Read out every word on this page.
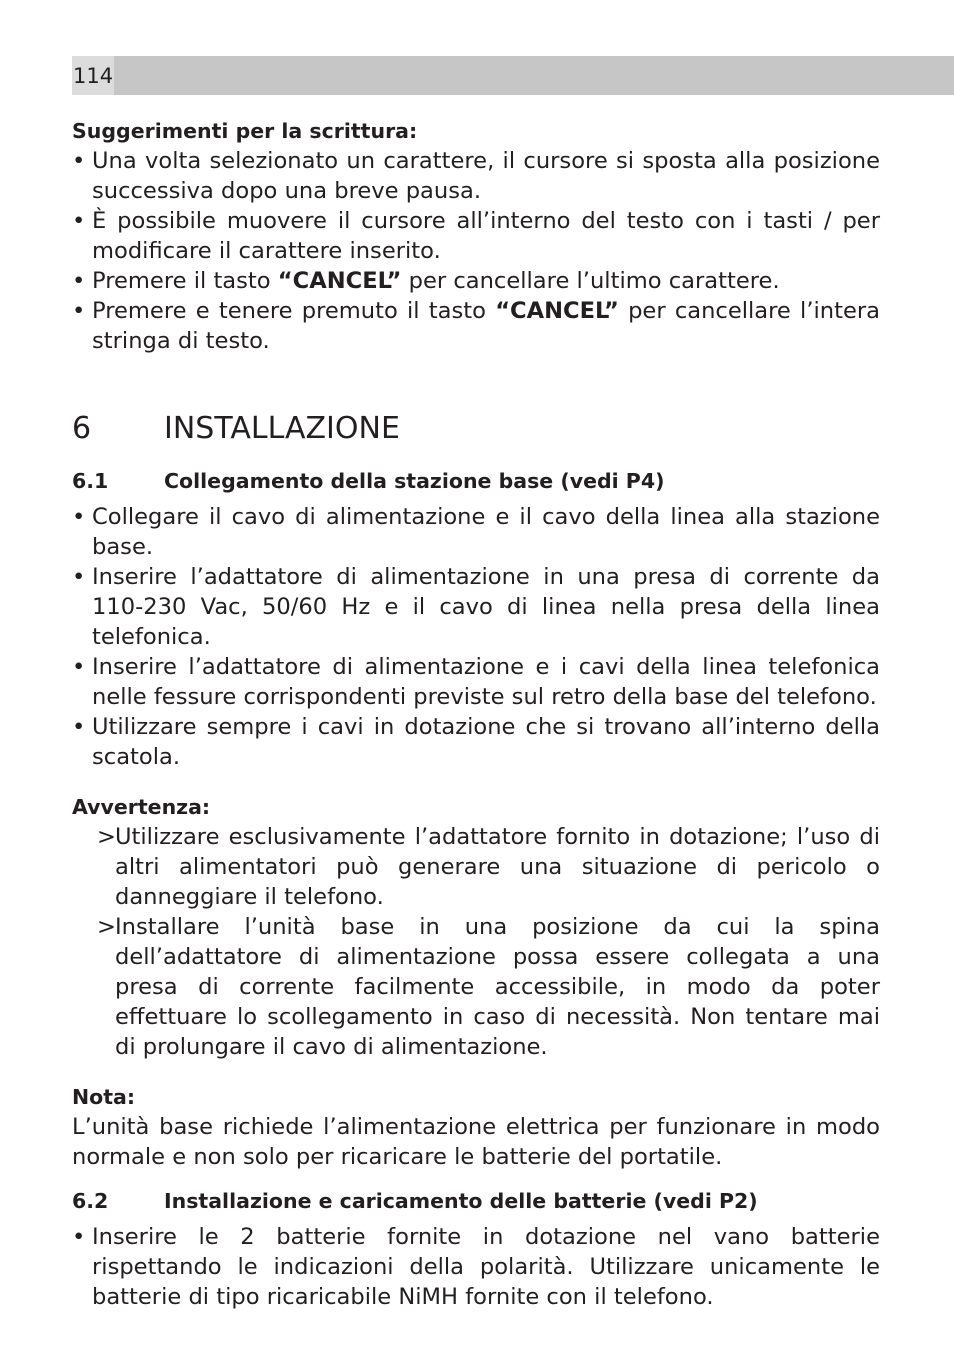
114

Suggerimenti per la scrittura:

• Una volta selezionato un carattere, il cursore si sposta alla posizione successiva dopo una breve pausa.
• È possibile muovere il cursore all’interno del testo con i tasti / per modificare il carattere inserito.
• Premere il tasto “CANCEL” per cancellare l’ultimo carattere.
• Premere e tenere premuto il tasto “CANCEL” per cancellare l’intera stringa di testo.
6	INSTALLAZIONE
6.1	Collegamento della stazione base (vedi P4)
• Collegare il cavo di alimentazione e il cavo della linea alla stazione base.
• Inserire l’adattatore di alimentazione in una presa di corrente da 110-230 Vac, 50/60 Hz e il cavo di linea nella presa della linea telefonica.
• Inserire l’adattatore di alimentazione e i cavi della linea telefonica nelle fessure corrispondenti previste sul retro della base del telefono.
• Utilizzare sempre i cavi in dotazione che si trovano all’interno della scatola.

Avvertenza:

> Utilizzare esclusivamente l’adattatore fornito in dotazione; l’uso di altri alimentatori può generare una situazione di pericolo o danneggiare il telefono.
> Installare l’unità base in una posizione da cui la spina dell’adattatore di alimentazione possa essere collegata a una presa di corrente facilmente accessibile, in modo da poter effettuare lo scollegamento in caso di necessità. Non tentare mai di prolungare il cavo di alimentazione.

Nota:

L’unità base richiede l’alimentazione elettrica per funzionare in modo normale e non solo per ricaricare le batterie del portatile.

6.2	Installazione e caricamento delle batterie (vedi P2)
• Inserire le 2 batterie fornite in dotazione nel vano batterie rispettando le indicazioni della polarità. Utilizzare unicamente le batterie di tipo ricaricabile NiMH fornite con il telefono.
